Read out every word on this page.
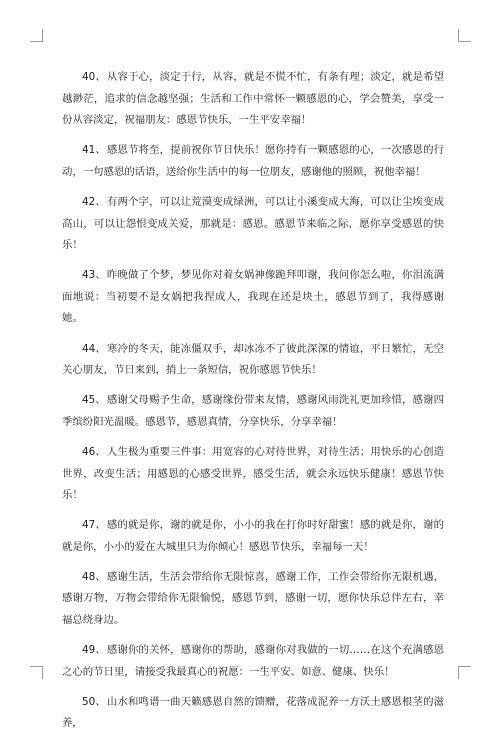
40、从容于心，淡定于行，从容，就是不慌不忙，有条有理；淡定，就是希望越渺茫，追求的信念越坚强；生活和工作中常怀一颗感恩的心，学会赞美，享受一份从容淡定，祝福朋友：感恩节快乐，一生平安幸福！

41、感恩节将至，提前祝你节日快乐！愿你持有一颗感恩的心，一次感恩的行动，一句感恩的话语，送给你生活中的每一位朋友，感谢他的照顾，祝他幸福！

42、有两个字，可以让荒漠变成绿洲，可以让小溪变成大海，可以让尘埃变成高山，可以让怨恨变成关爱，那就是：感恩。感恩节来临之际，愿你享受感恩的快乐！

43、昨晚做了个梦，梦见你对着女娲神像跪拜叩谢，我问你怎么啦，你泪流满面地说：当初要不是女娲把我捏成人，我现在还是块土，感恩节到了，我得感谢她。

44、寒冷的冬天，能冻僵双手，却冰冻不了彼此深深的情谊，平日繁忙，无空关心朋友，节日来到，捎上一条短信，祝你感恩节快乐！

45、感谢父母赐予生命，感谢缘份带来友情，感谢风雨洗礼更加珍惜，感谢四季缤纷阳光温暖。感恩节，感恩真情，分享快乐，分享幸福！

46、人生极为重要三件事：用宽容的心对待世界，对待生活；用快乐的心创造世界，改变生活；用感恩的心感受世界，感受生活，就会永远快乐健康！感恩节快乐！

47、感的就是你，谢的就是你，小小的我在打你时好甜蜜！感的就是你，谢的就是你，小小的爱在大城里只为你倾心！感恩节快乐，幸福每一天！

48、感谢生活，生活会带给你无限惊喜，感谢工作，工作会带给你无限机遇，感谢万物，万物会带给你无限愉悦，感恩节到，感谢一切，愿你快乐总伴左右，幸福总绕身边。

49、感谢你的关怀，感谢你的帮助，感谢你对我做的一切……在这个充满感恩之心的节日里，请接受我最真心的祝愿：一生平安、如意、健康、快乐！

50、山水和鸣谱一曲天籁感恩自然的馈赠，花落成泥养一方沃土感恩根茎的滋养，
